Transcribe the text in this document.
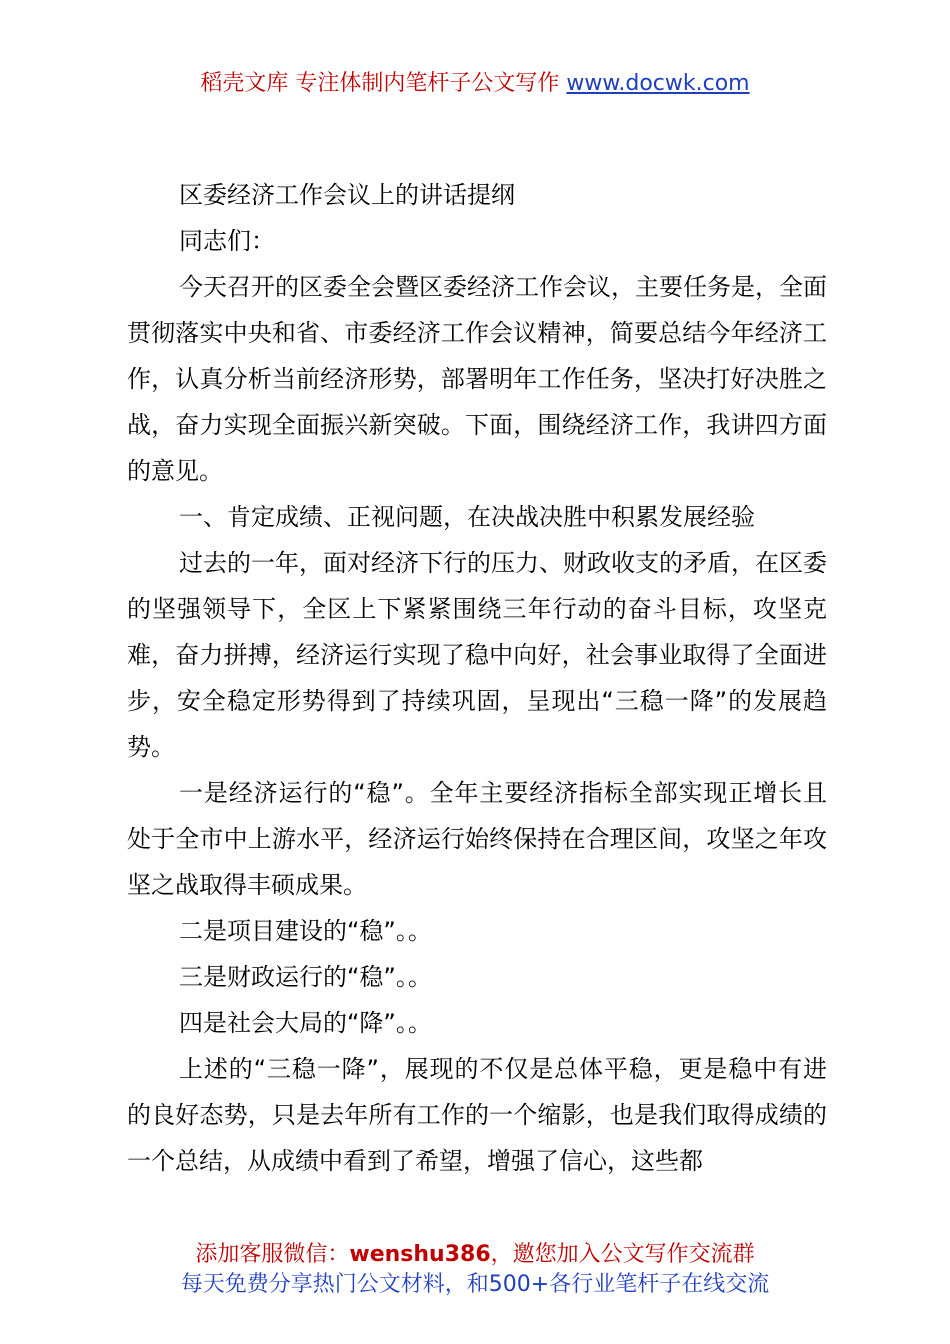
稻壳文库 专注体制内笔杆子公文写作 www.docwk.com

区委经济工作会议上的讲话提纲

同志们：

今天召开的区委全会暨区委经济工作会议，主要任务是，全面贯彻落实中央和省、市委经济工作会议精神，简要总结今年经济工作，认真分析当前经济形势，部署明年工作任务，坚决打好决胜之战，奋力实现全面振兴新突破。下面，围绕经济工作，我讲四方面的意见。

一、肯定成绩、正视问题，在决战决胜中积累发展经验

过去的一年，面对经济下行的压力、财政收支的矛盾，在区委的坚强领导下，全区上下紧紧围绕三年行动的奋斗目标，攻坚克难，奋力拼搏，经济运行实现了稳中向好，社会事业取得了全面进步，安全稳定形势得到了持续巩固，呈现出“三稳一降”的发展趋势。

一是经济运行的“稳”。全年主要经济指标全部实现正增长且处于全市中上游水平，经济运行始终保持在合理区间，攻坚之年攻坚之战取得丰硕成果。

二是项目建设的“稳”。。

三是财政运行的“稳”。。

四是社会大局的“降”。。

上述的“三稳一降”，展现的不仅是总体平稳，更是稳中有进的良好态势，只是去年所有工作的一个缩影，也是我们取得成绩的一个总结，从成绩中看到了希望，增强了信心，这些都

添加客服微信：wenshu386，邀您加入公文写作交流群
每天免费分享热门公文材料，和500+各行业笔杆子在线交流
